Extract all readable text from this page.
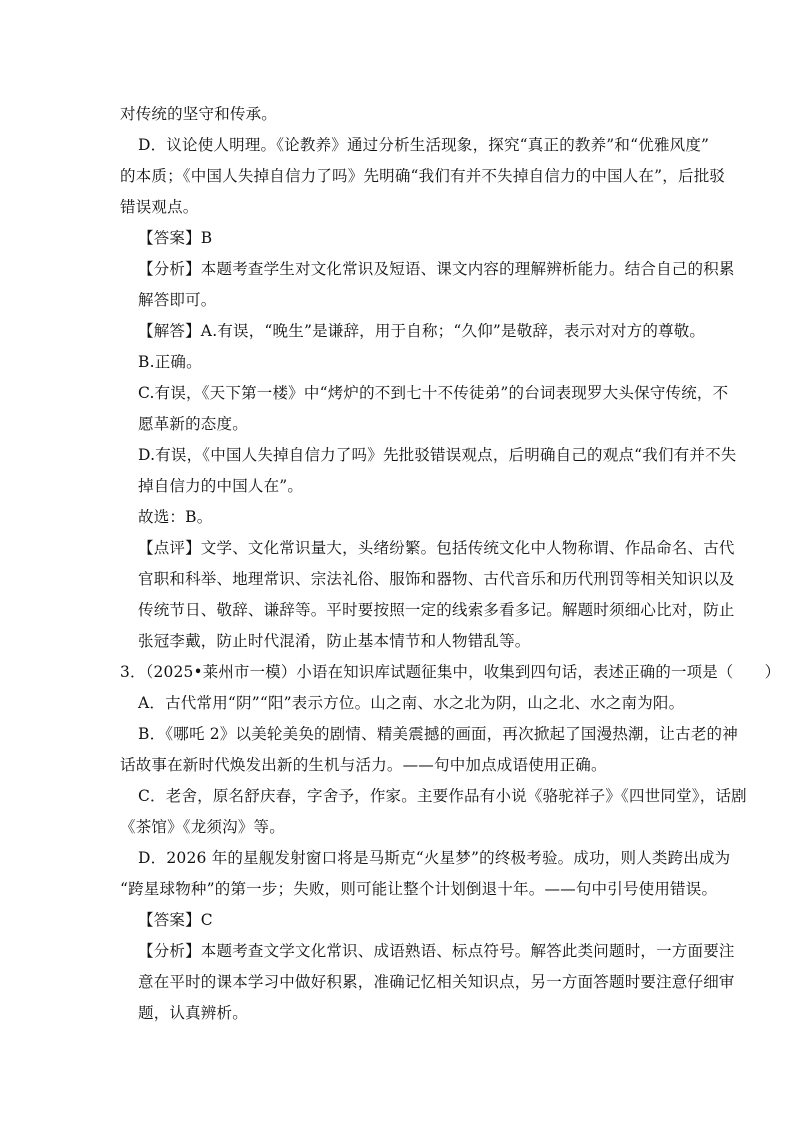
对传统的坚守和传承。
D．议论使人明理。《论教养》通过分析生活现象，探究“真正的教养”和“优雅风度”
的本质；《中国人失掉自信力了吗》先明确“我们有并不失掉自信力的中国人在”，后批驳
错误观点。
【答案】B
【分析】本题考查学生对文化常识及短语、课文内容的理解辨析能力。结合自己的积累
解答即可。
【解答】A.有误，“晚生”是谦辞，用于自称；“久仰”是敬辞，表示对对方的尊敬。
B.正确。
C.有误，《天下第一楼》中“烤炉的不到七十不传徒弟”的台词表现罗大头保守传统，不
愿革新的态度。
D.有误，《中国人失掉自信力了吗》先批驳错误观点，后明确自己的观点“我们有并不失
掉自信力的中国人在”。
故选：B。
【点评】文学、文化常识量大，头绪纷繁。包括传统文化中人物称谓、作品命名、古代
官职和科举、地理常识、宗法礼俗、服饰和器物、古代音乐和历代刑罚等相关知识以及
传统节日、敬辞、谦辞等。平时要按照一定的线索多看多记。解题时须细心比对，防止
张冠李戴，防止时代混淆，防止基本情节和人物错乱等。
3．（2025•莱州市一模）小语在知识库试题征集中，收集到四句话，表述正确的一项是（　　）
A．古代常用“阴”“阳”表示方位。山之南、水之北为阴，山之北、水之南为阳。
B．《哪吒 2》以美轮美奂的剧情、精美震撼的画面，再次掀起了国漫热潮，让古老的神
话故事在新时代焕发出新的生机与活力。——句中加点成语使用正确。
C．老舍，原名舒庆春，字舍予，作家。主要作品有小说《骆驼祥子》《四世同堂》，话剧
《茶馆》《龙须沟》等。
D．2026 年的星舰发射窗口将是马斯克“火星梦”的终极考验。成功，则人类跨出成为
“跨星球物种”的第一步；失败，则可能让整个计划倒退十年。——句中引号使用错误。
【答案】C
【分析】本题考查文学文化常识、成语熟语、标点符号。解答此类问题时，一方面要注
意在平时的课本学习中做好积累，准确记忆相关知识点，另一方面答题时要注意仔细审
题，认真辨析。
